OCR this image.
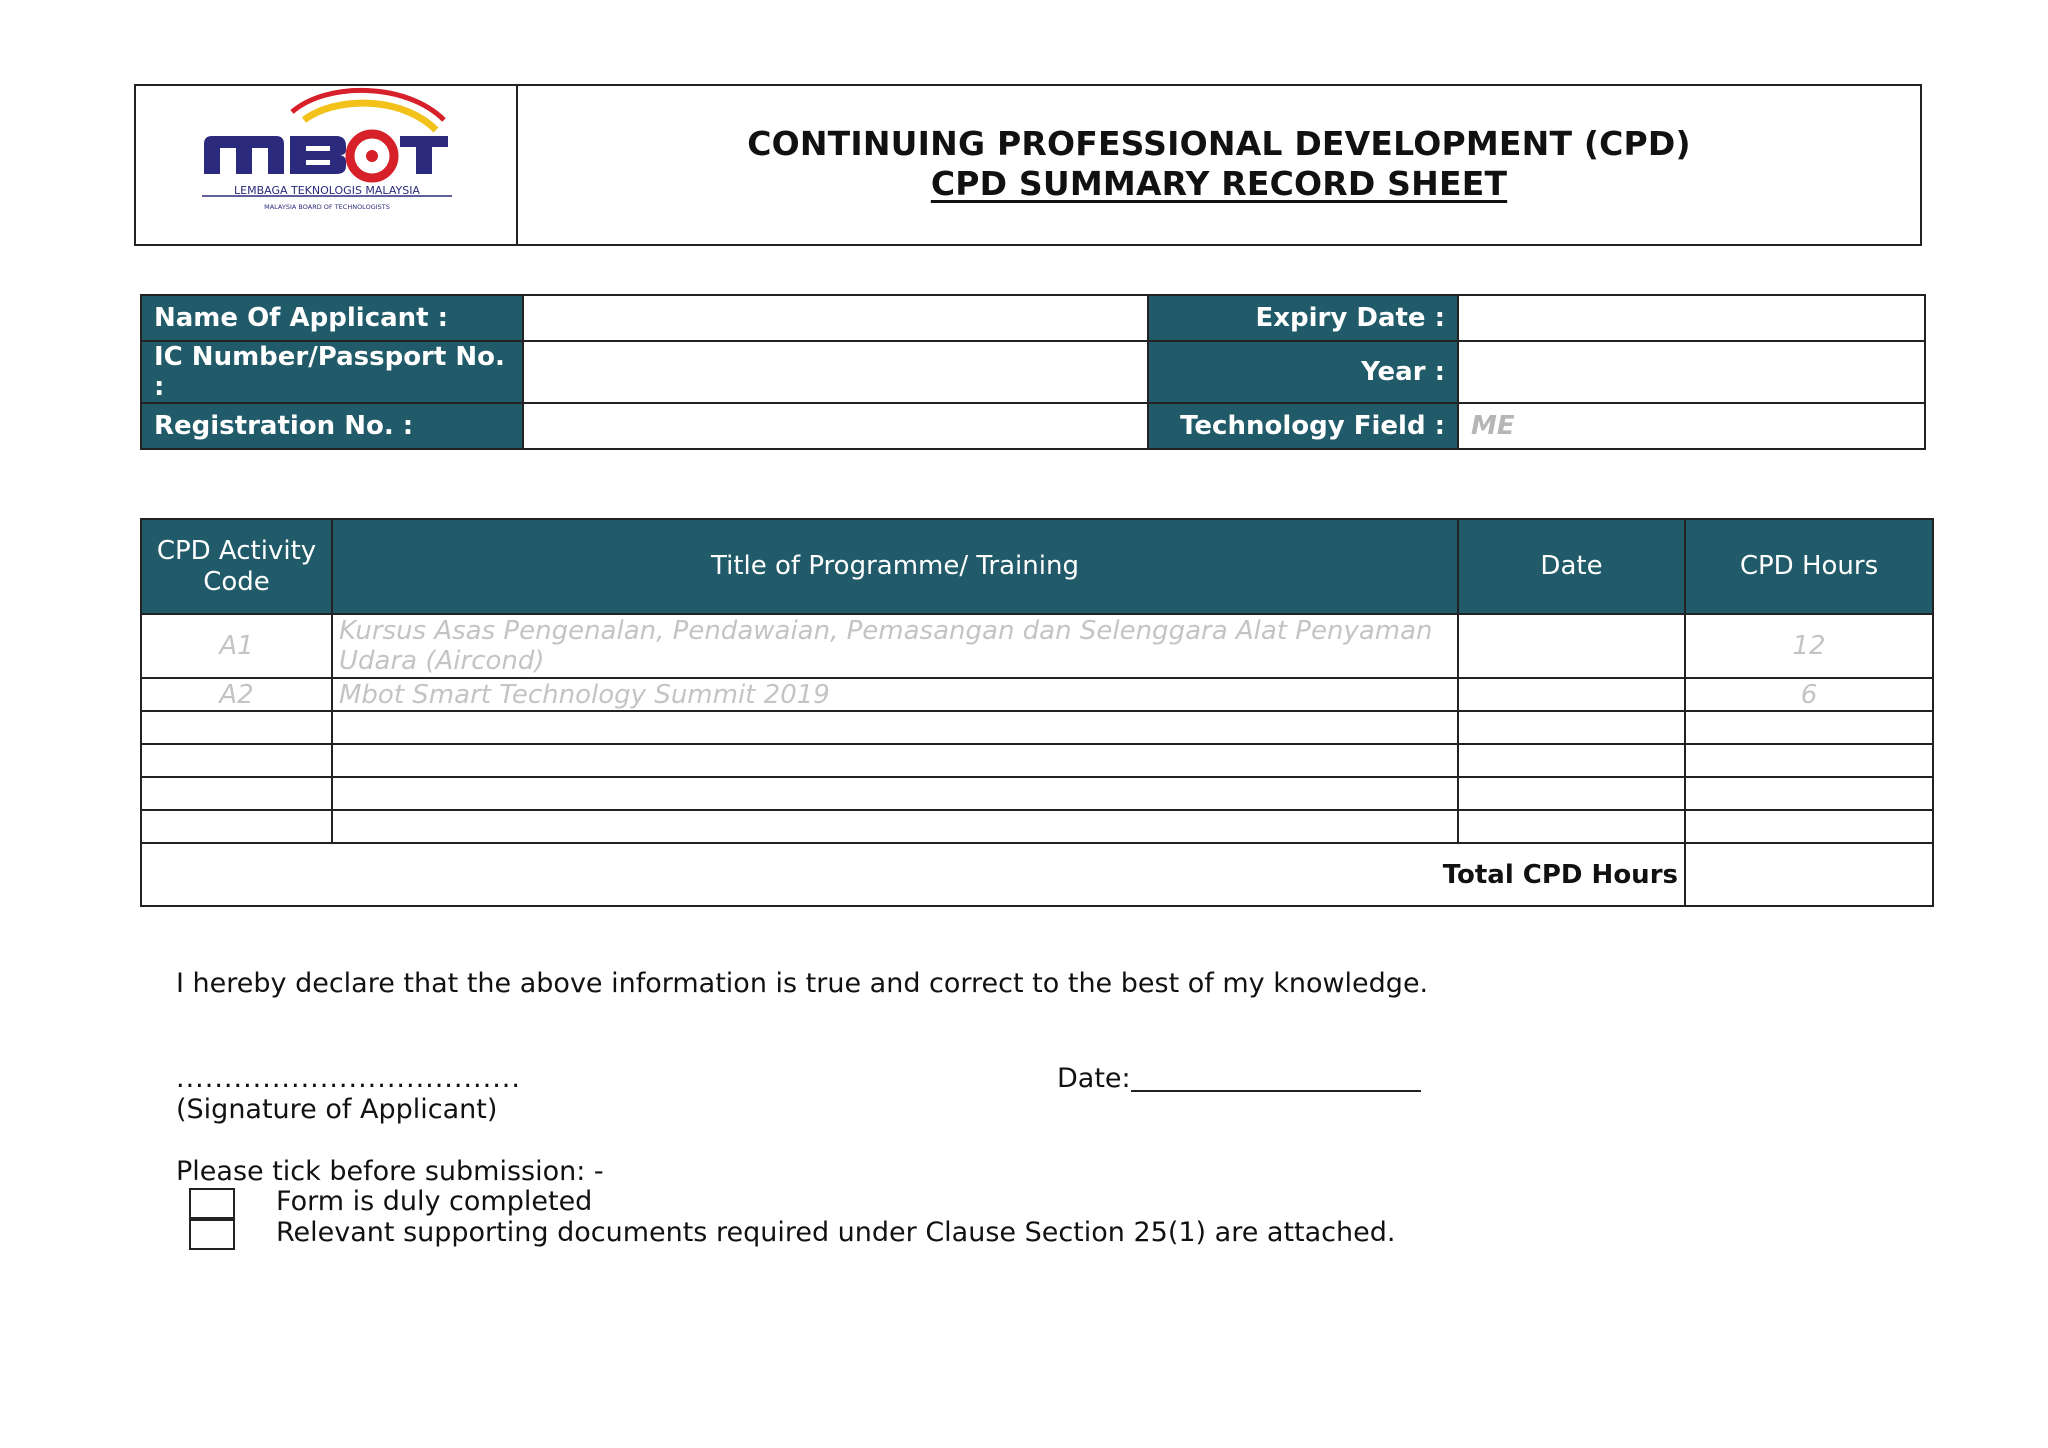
LEMBAGA TEKNOLOGIS MALAYSIA
MALAYSIA BOARD OF TECHNOLOGISTS
CONTINUING PROFESSIONAL DEVELOPMENT (CPD)
CPD SUMMARY RECORD SHEET
Name Of Applicant :		Expiry Date :	
IC Number/Passport No. :		Year :	
Registration No. :		Technology Field :	ME
CPD Activity Code	Title of Programme/ Training	Date	CPD Hours
A1	Kursus Asas Pengenalan, Pendawaian, Pemasangan dan Selenggara Alat Penyaman Udara (Aircond)		12
A2	Mbot Smart Technology Summit 2019		6

Total CPD Hours			
I hereby declare that the above information is true and correct to the best of my knowledge.
....................................
(Signature of Applicant)
Date:
Please tick before submission: -
Form is duly completed
Relevant supporting documents required under Clause Section 25(1) are attached.
